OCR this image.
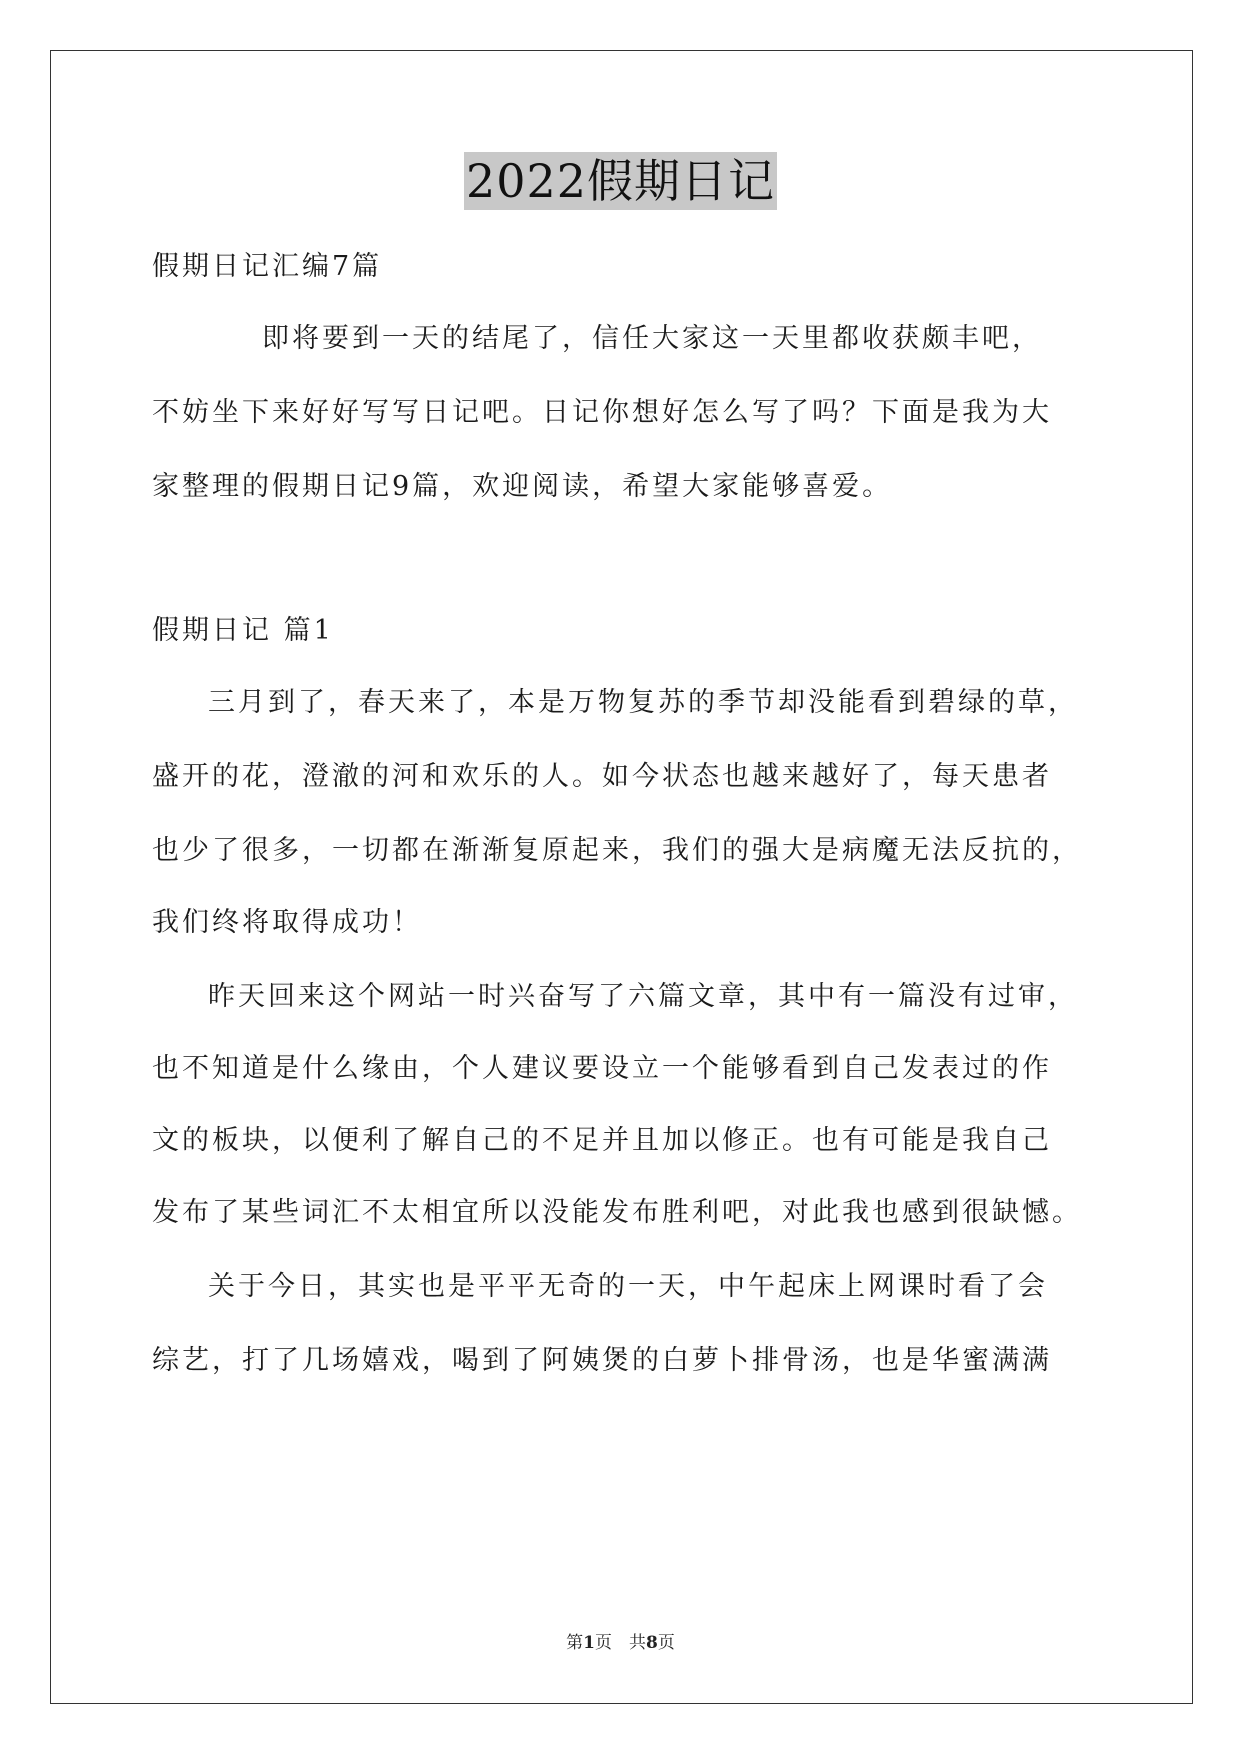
2022假期日记
假期日记汇编7篇
即将要到一天的结尾了，信任大家这一天里都收获颇丰吧，
不妨坐下来好好写写日记吧。日记你想好怎么写了吗？下面是我为大
家整理的假期日记9篇，欢迎阅读，希望大家能够喜爱。
假期日记 篇1
三月到了，春天来了，本是万物复苏的季节却没能看到碧绿的草，
盛开的花，澄澈的河和欢乐的人。如今状态也越来越好了，每天患者
也少了很多，一切都在渐渐复原起来，我们的强大是病魔无法反抗的，
我们终将取得成功！
昨天回来这个网站一时兴奋写了六篇文章，其中有一篇没有过审，
也不知道是什么缘由，个人建议要设立一个能够看到自己发表过的作
文的板块，以便利了解自己的不足并且加以修正。也有可能是我自己
发布了某些词汇不太相宜所以没能发布胜利吧，对此我也感到很缺憾。
关于今日，其实也是平平无奇的一天，中午起床上网课时看了会
综艺，打了几场嬉戏，喝到了阿姨煲的白萝卜排骨汤，也是华蜜满满
第1页　共8页
